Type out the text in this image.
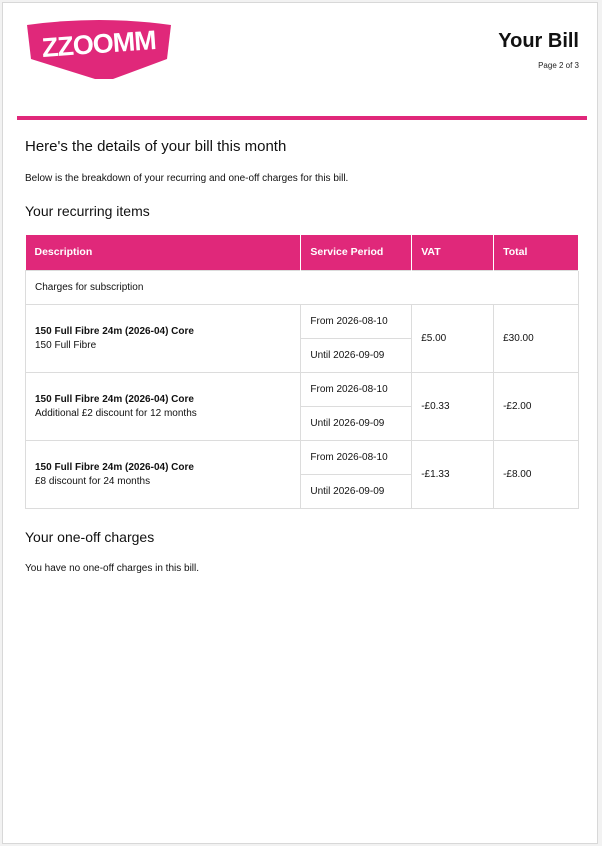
ZZOOMM	Your Bill
Page 2 of 3
Here's the details of your bill this month
Below is the breakdown of your recurring and one-off charges for this bill.
Your recurring items
Description	Service Period	VAT	Total
Charges for subscription			

150 Full Fibre 24m (2026-04) Core
150 Full Fibre	From 2026-08-10	£5.00	£30.00
	Until 2026-09-09		

150 Full Fibre 24m (2026-04) Core
Additional £2 discount for 12 months	From 2026-08-10	-£0.33	-£2.00
	Until 2026-09-09		

150 Full Fibre 24m (2026-04) Core
£8 discount for 24 months	From 2026-08-10	-£1.33	-£8.00
	Until 2026-09-09		
Your one-off charges
You have no one-off charges in this bill.
